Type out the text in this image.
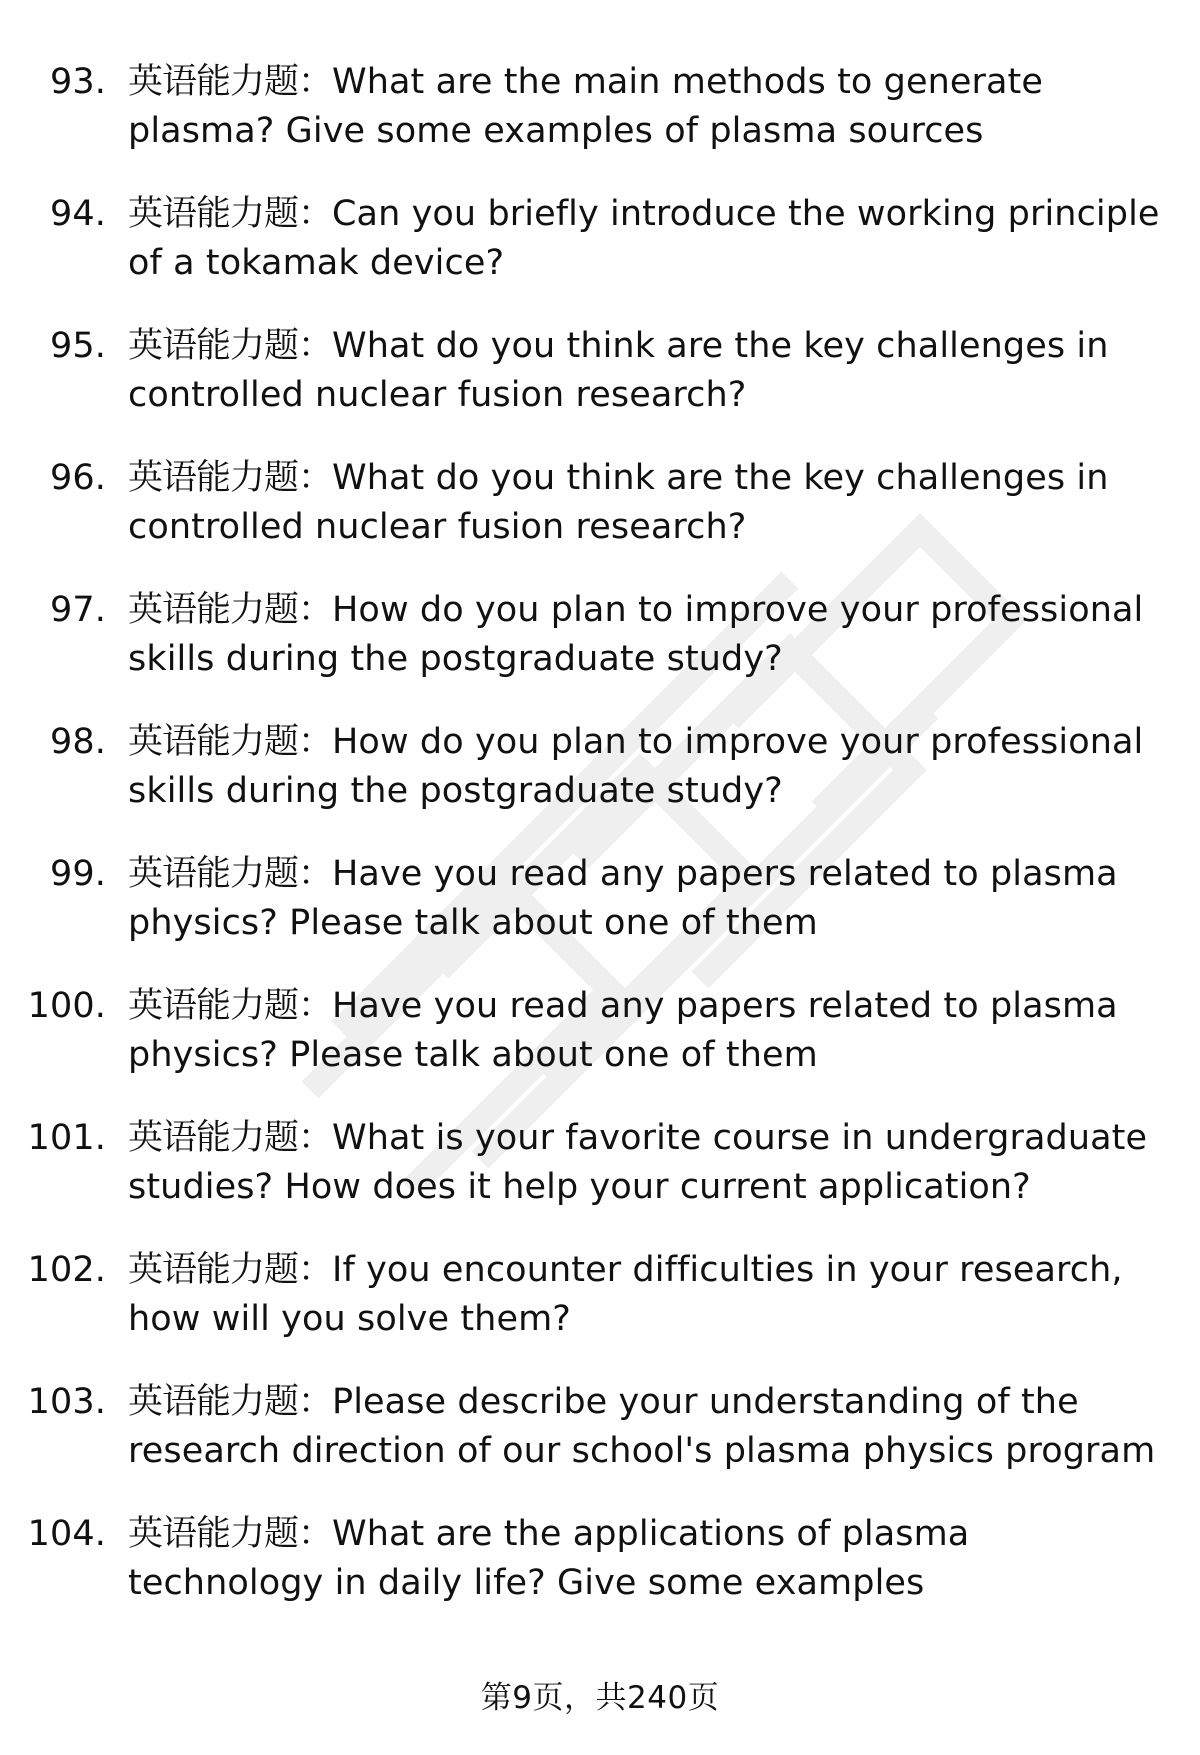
93. 英语能力题：What are the main methods to generate plasma? Give some examples of plasma sources
94. 英语能力题：Can you briefly introduce the working principle of a tokamak device?
95. 英语能力题：What do you think are the key challenges in controlled nuclear fusion research?
96. 英语能力题：What do you think are the key challenges in controlled nuclear fusion research?
97. 英语能力题：How do you plan to improve your professional skills during the postgraduate study?
98. 英语能力题：How do you plan to improve your professional skills during the postgraduate study?
99. 英语能力题：Have you read any papers related to plasma physics? Please talk about one of them
100. 英语能力题：Have you read any papers related to plasma physics? Please talk about one of them
101. 英语能力题：What is your favorite course in undergraduate studies? How does it help your current application?
102. 英语能力题：If you encounter difficulties in your research, how will you solve them?
103. 英语能力题：Please describe your understanding of the research direction of our school's plasma physics program
104. 英语能力题：What are the applications of plasma technology in daily life? Give some examples
第9页，共240页
